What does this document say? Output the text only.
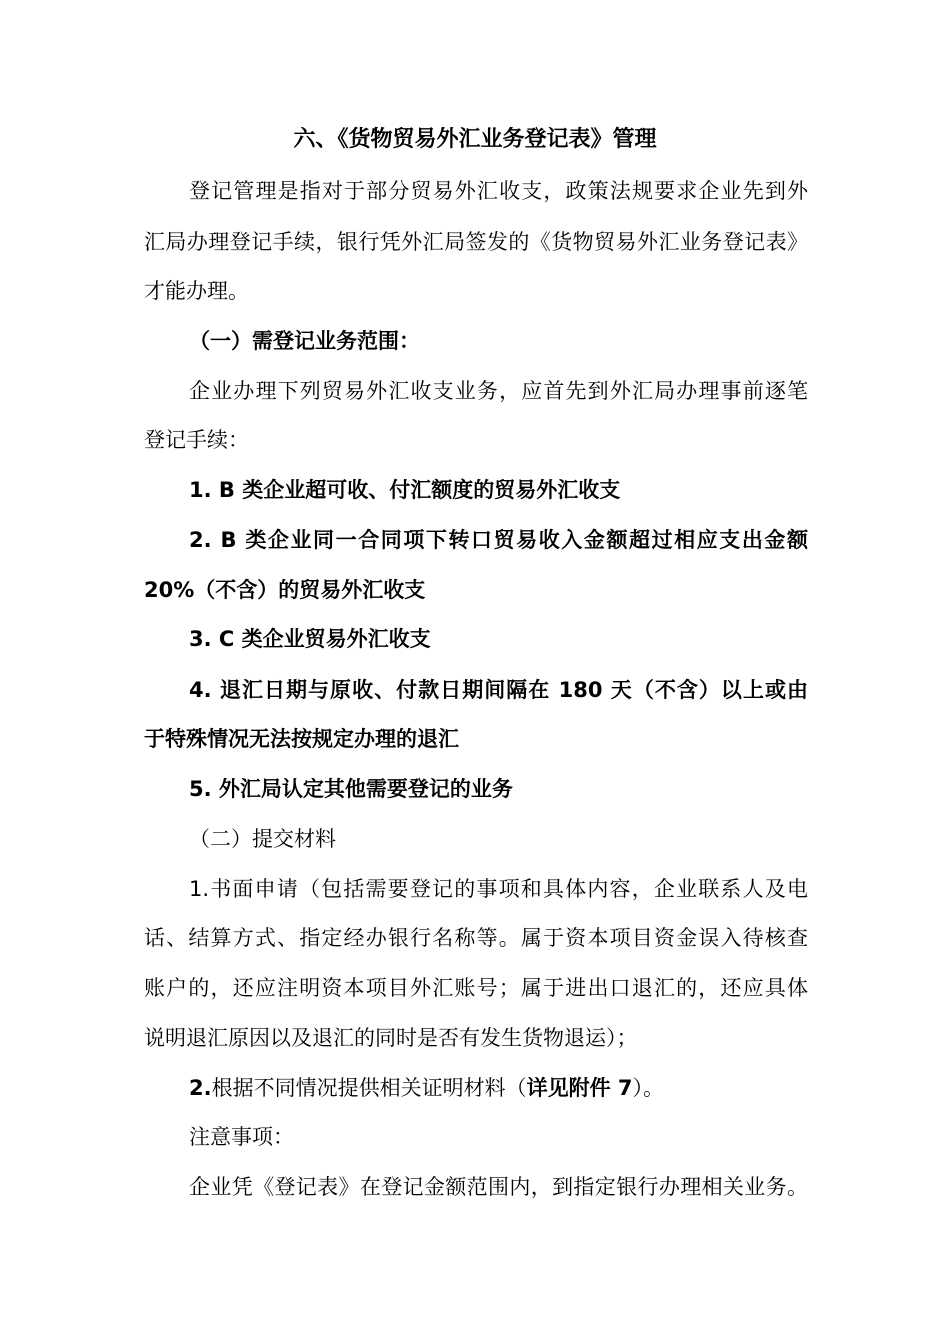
六、《货物贸易外汇业务登记表》管理
登记管理是指对于部分贸易外汇收支，政策法规要求企业先到外
汇局办理登记手续，银行凭外汇局签发的《货物贸易外汇业务登记表》
才能办理。
（一）需登记业务范围：
企业办理下列贸易外汇收支业务，应首先到外汇局办理事前逐笔
登记手续：
1. B 类企业超可收、付汇额度的贸易外汇收支
2. B 类企业同一合同项下转口贸易收入金额超过相应支出金额
20%（不含）的贸易外汇收支
3. C 类企业贸易外汇收支
4. 退汇日期与原收、付款日期间隔在 180 天（不含）以上或由
于特殊情况无法按规定办理的退汇
5. 外汇局认定其他需要登记的业务
（二）提交材料
1.书面申请（包括需要登记的事项和具体内容，企业联系人及电
话、结算方式、指定经办银行名称等。属于资本项目资金误入待核查
账户的，还应注明资本项目外汇账号；属于进出口退汇的，还应具体
说明退汇原因以及退汇的同时是否有发生货物退运）；
2.根据不同情况提供相关证明材料（详见附件 7）。
注意事项：
企业凭《登记表》在登记金额范围内，到指定银行办理相关业务。
